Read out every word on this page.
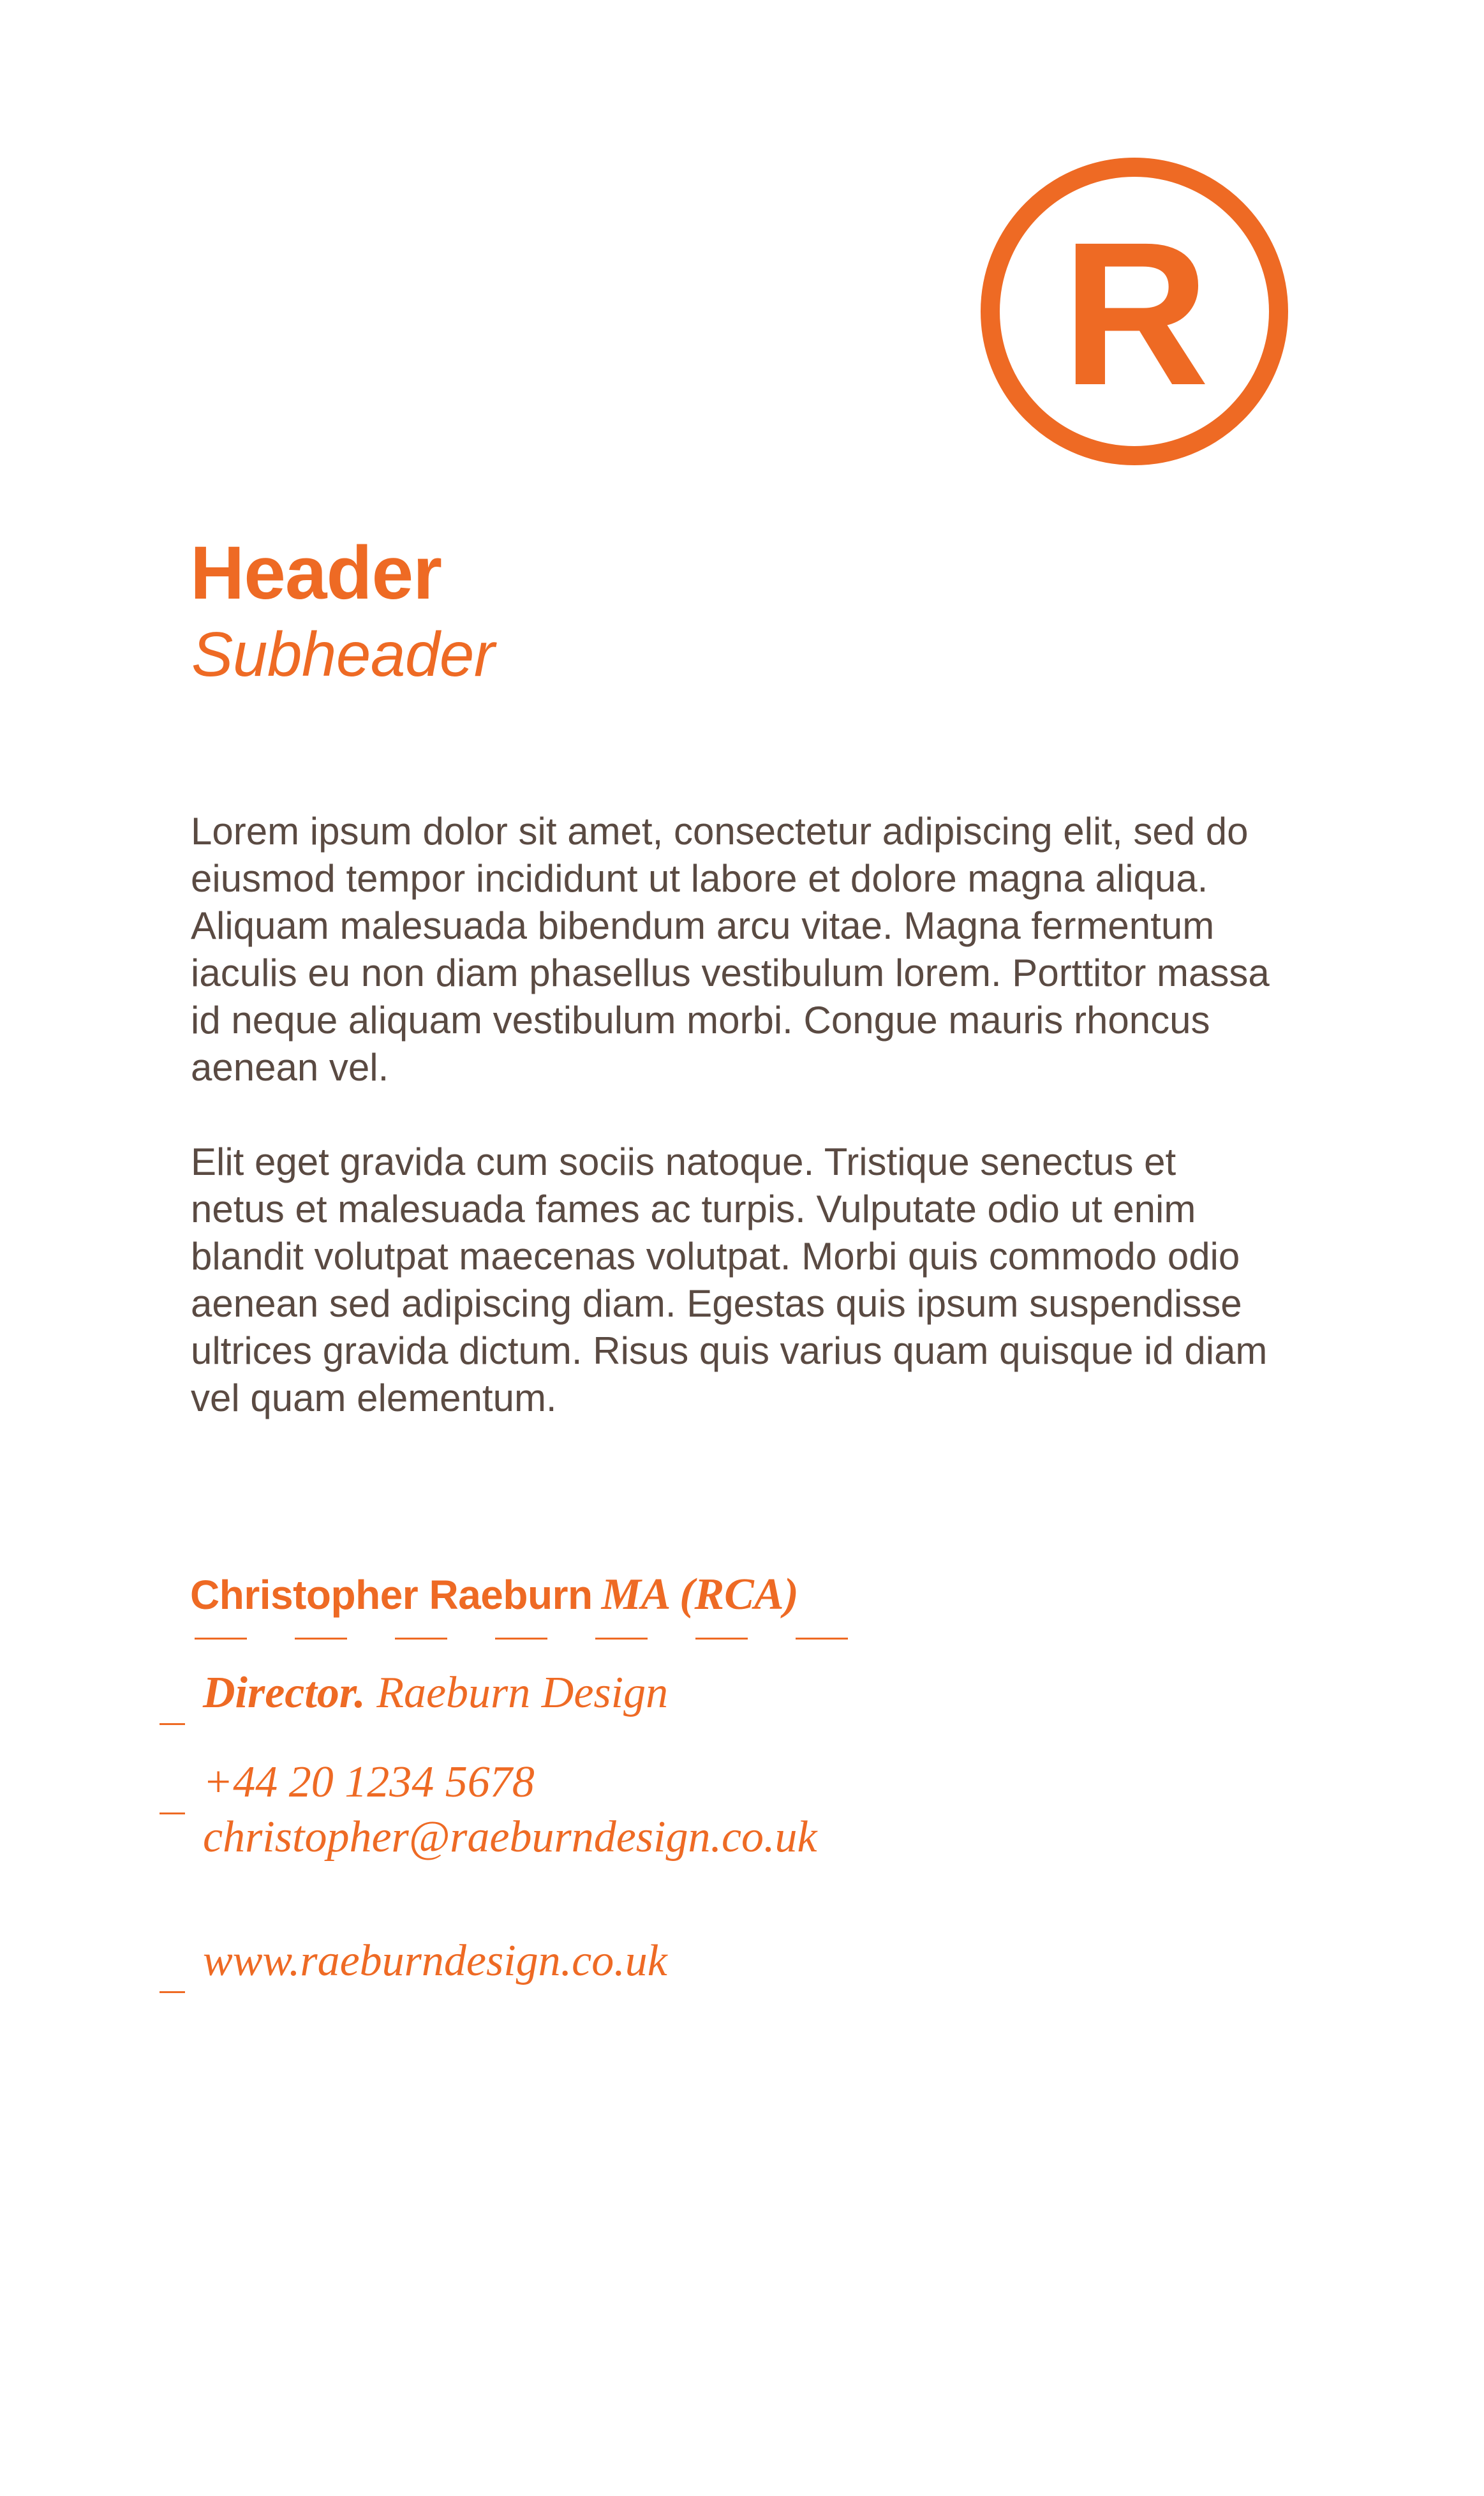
R
Header
Subheader

Lorem ipsum dolor sit amet, consectetur adipiscing elit, sed do
eiusmod tempor incididunt ut labore et dolore magna aliqua.
Aliquam malesuada bibendum arcu vitae. Magna fermentum
iaculis eu non diam phasellus vestibulum lorem. Porttitor massa
id neque aliquam vestibulum morbi. Congue mauris rhoncus
aenean vel.

Elit eget gravida cum sociis natoque. Tristique senectus et
netus et malesuada fames ac turpis. Vulputate odio ut enim
blandit volutpat maecenas volutpat. Morbi quis commodo odio
aenean sed adipiscing diam. Egestas quis ipsum suspendisse
ultrices gravida dictum. Risus quis varius quam quisque id diam
vel quam elementum.

Christopher Raeburn MA (RCA)
Director. Raeburn Design
+44 20 1234 5678
christopher@raeburndesign.co.uk
www.raeburndesign.co.uk
